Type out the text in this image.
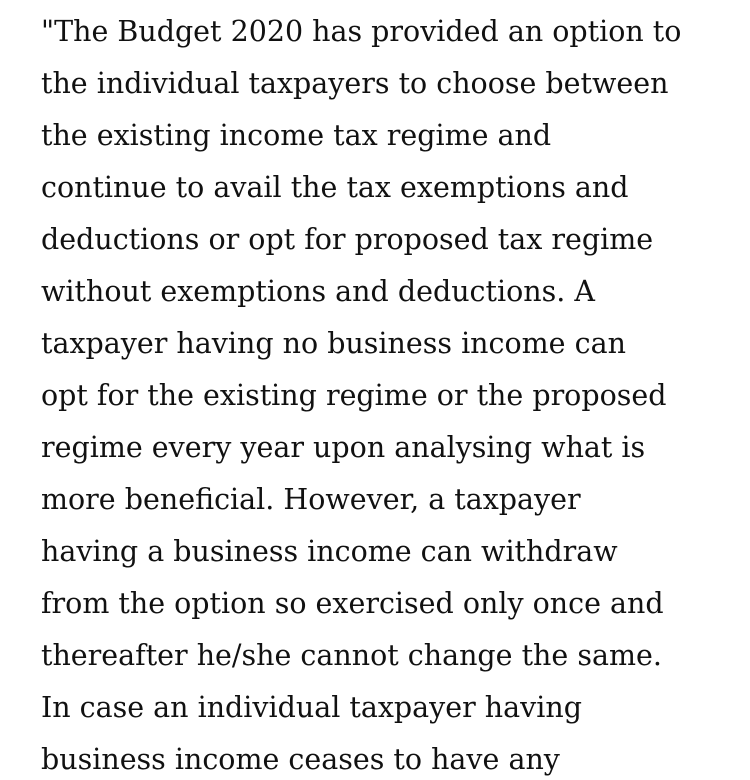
"The Budget 2020 has provided an option to
the individual taxpayers to choose between
the existing income tax regime and
continue to avail the tax exemptions and
deductions or opt for proposed tax regime
without exemptions and deductions. A
taxpayer having no business income can
opt for the existing regime or the proposed
regime every year upon analysing what is
more beneficial. However, a taxpayer
having a business income can withdraw
from the option so exercised only once and
thereafter he/she cannot change the same.
In case an individual taxpayer having
business income ceases to have any
